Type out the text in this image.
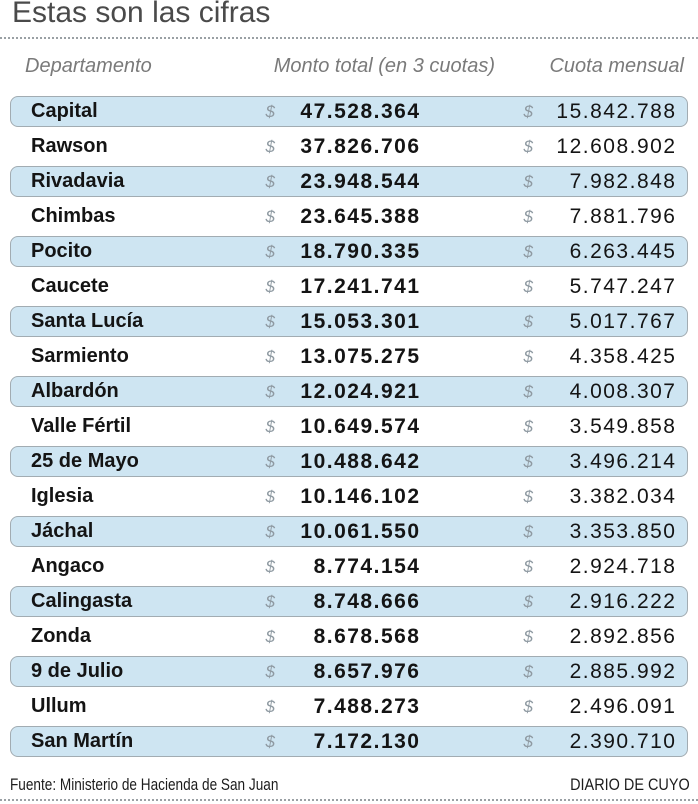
Estas son las cifras
Departamento	Monto total (en 3 cuotas)	Cuota mensual
Capital	$ 47.528.364	$ 15.842.788
Rawson	$ 37.826.706	$ 12.608.902
Rivadavia	$ 23.948.544	$ 7.982.848
Chimbas	$ 23.645.388	$ 7.881.796
Pocito	$ 18.790.335	$ 6.263.445
Caucete	$ 17.241.741	$ 5.747.247
Santa Lucía	$ 15.053.301	$ 5.017.767
Sarmiento	$ 13.075.275	$ 4.358.425
Albardón	$ 12.024.921	$ 4.008.307
Valle Fértil	$ 10.649.574	$ 3.549.858
25 de Mayo	$ 10.488.642	$ 3.496.214
Iglesia	$ 10.146.102	$ 3.382.034
Jáchal	$ 10.061.550	$ 3.353.850
Angaco	$ 8.774.154	$ 2.924.718
Calingasta	$ 8.748.666	$ 2.916.222
Zonda	$ 8.678.568	$ 2.892.856
9 de Julio	$ 8.657.976	$ 2.885.992
Ullum	$ 7.488.273	$ 2.496.091
San Martín	$ 7.172.130	$ 2.390.710
Fuente: Ministerio de Hacienda de San Juan	DIARIO DE CUYO
